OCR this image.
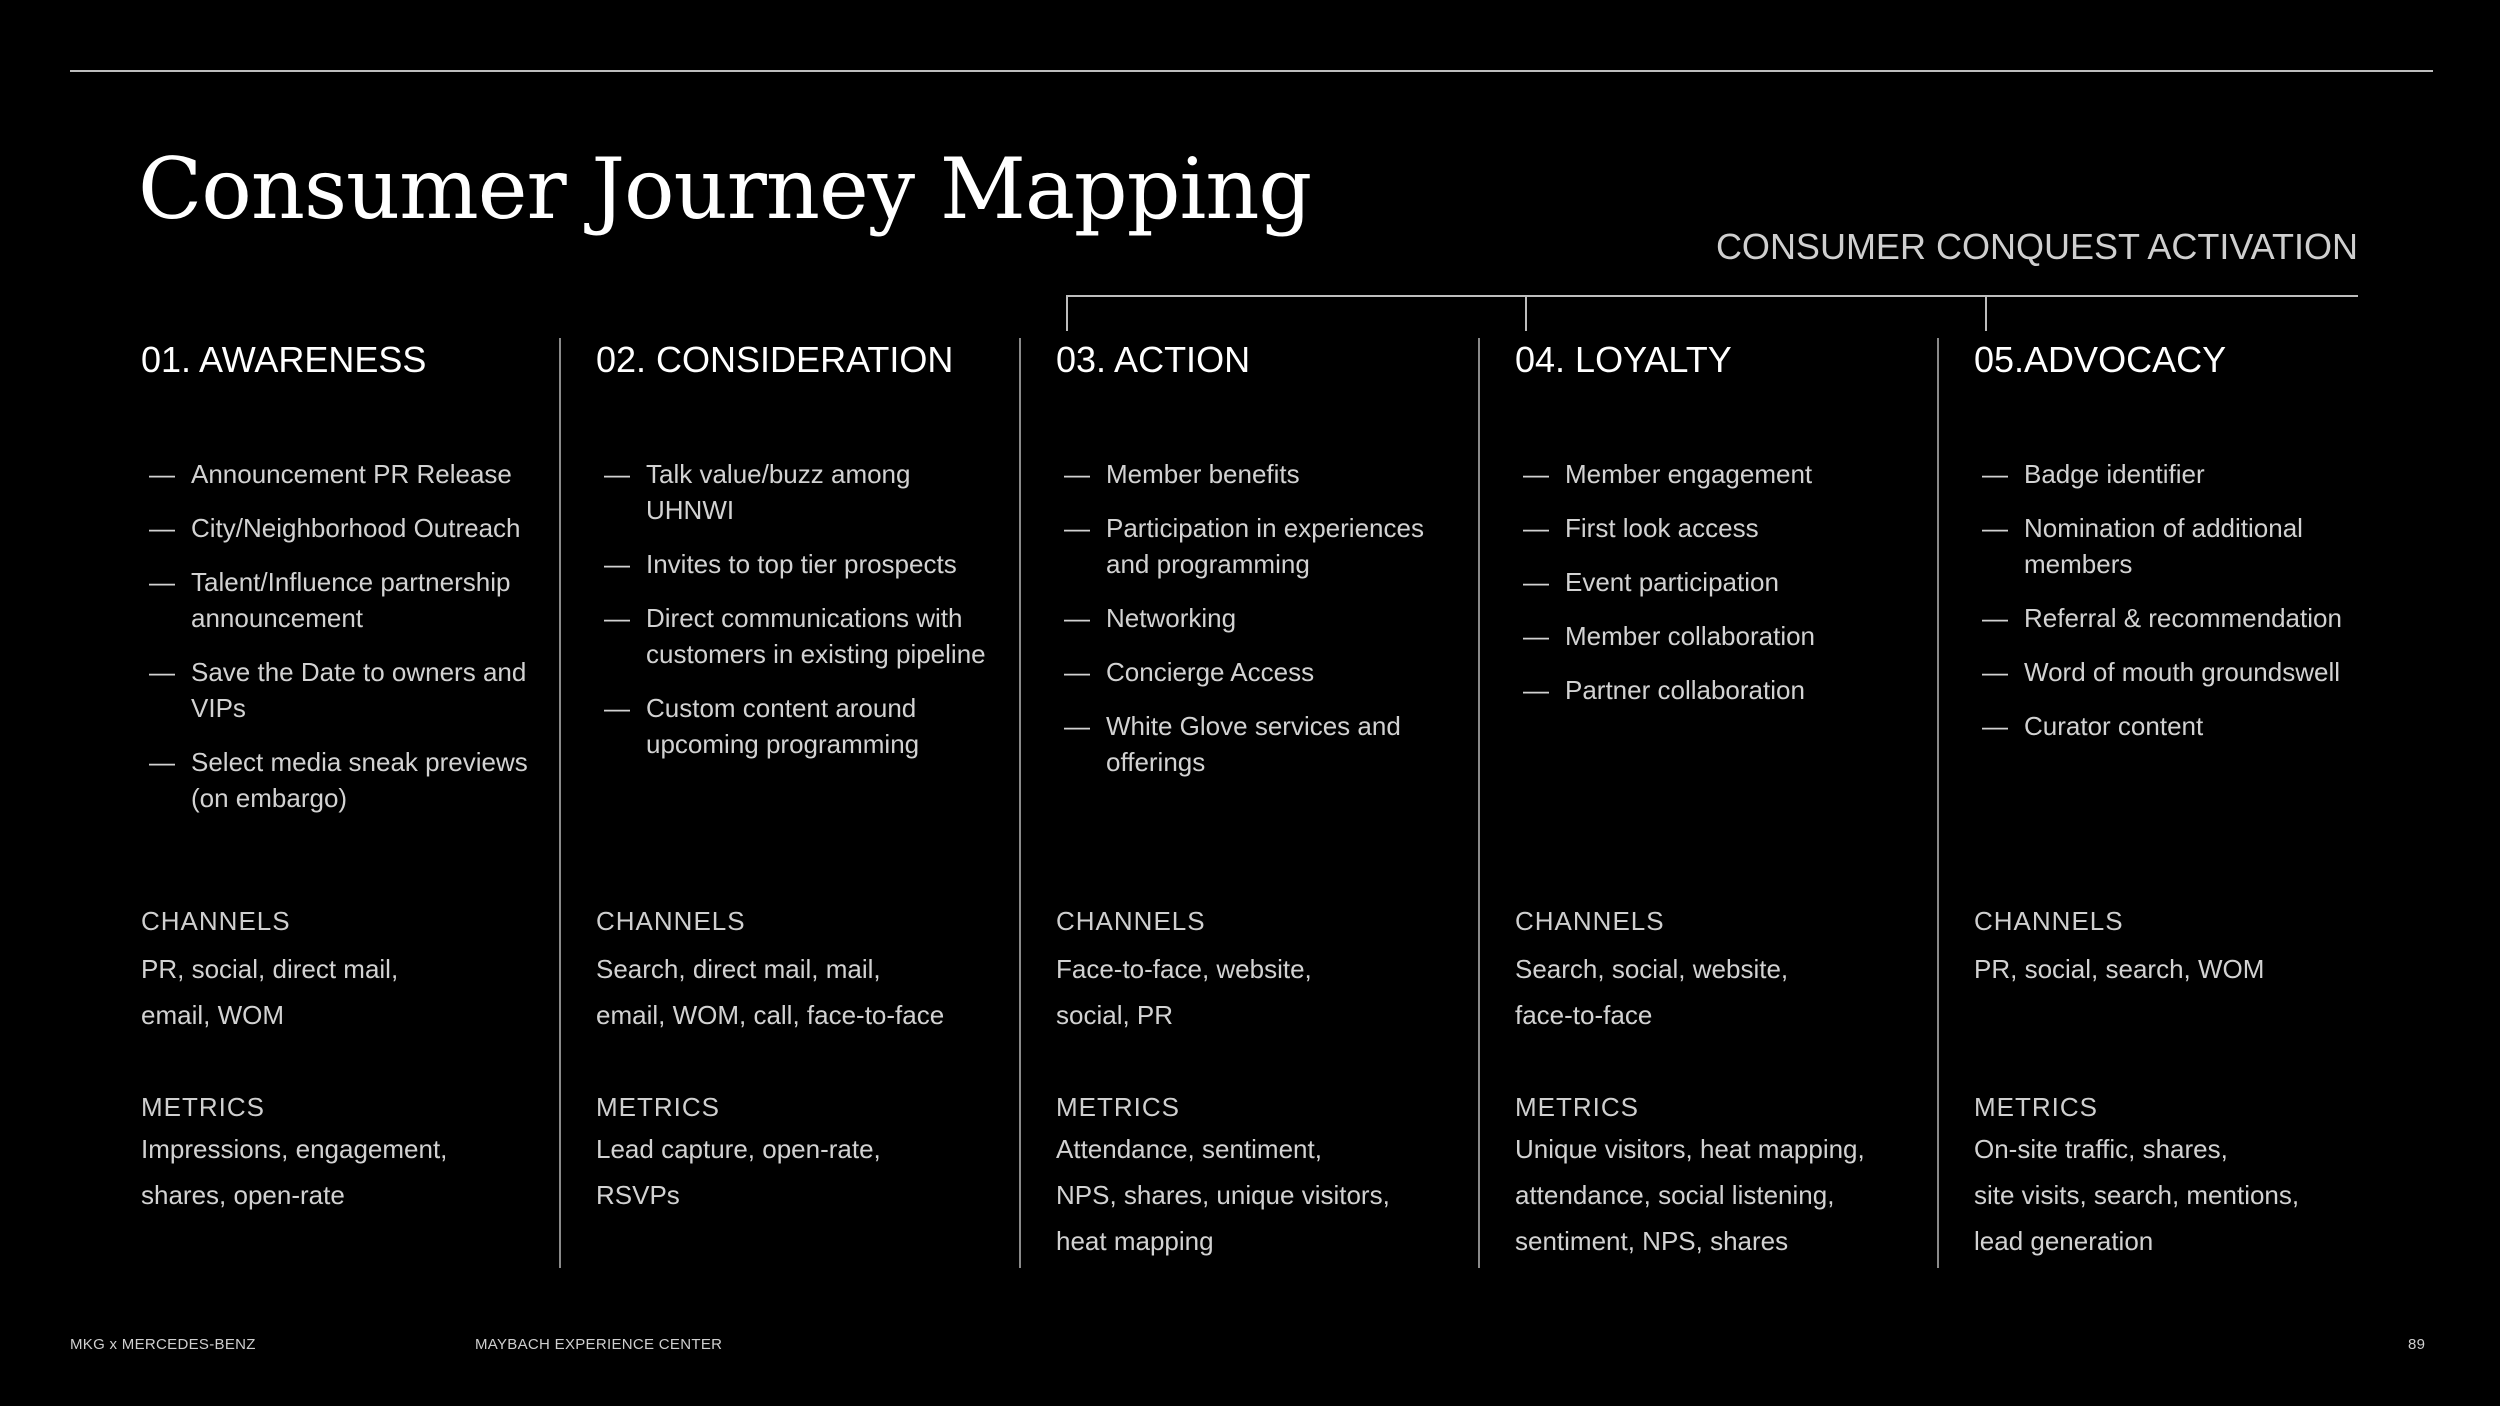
Consumer Journey Mapping
CONSUMER CONQUEST ACTIVATION
01. AWARENESS
— Announcement PR Release
— City/Neighborhood Outreach
— Talent/Influence partnership announcement
— Save the Date to owners and VIPs
— Select media sneak previews (on embargo)
CHANNELS
PR, social, direct mail,
email, WOM
METRICS
Impressions, engagement,
shares, open-rate
02. CONSIDERATION
— Talk value/buzz among UHNWI
— Invites to top tier prospects
— Direct communications with customers in existing pipeline
— Custom content around upcoming programming
CHANNELS
Search, direct mail, mail,
email, WOM, call, face-to-face
METRICS
Lead capture, open-rate,
RSVPs
03. ACTION
— Member benefits
— Participation in experiences and programming
— Networking
— Concierge Access
— White Glove services and offerings
CHANNELS
Face-to-face, website,
social, PR
METRICS
Attendance, sentiment,
NPS, shares, unique visitors,
heat mapping
04. LOYALTY
— Member engagement
— First look access
— Event participation
— Member collaboration
— Partner collaboration
CHANNELS
Search, social, website,
face-to-face
METRICS
Unique visitors, heat mapping,
attendance, social listening,
sentiment, NPS, shares
05.ADVOCACY
— Badge identifier
— Nomination of additional members
— Referral & recommendation
— Word of mouth groundswell
— Curator content
CHANNELS
PR, social, search, WOM
METRICS
On-site traffic, shares,
site visits, search, mentions,
lead generation
MKG x MERCEDES-BENZ	MAYBACH EXPERIENCE CENTER	89
